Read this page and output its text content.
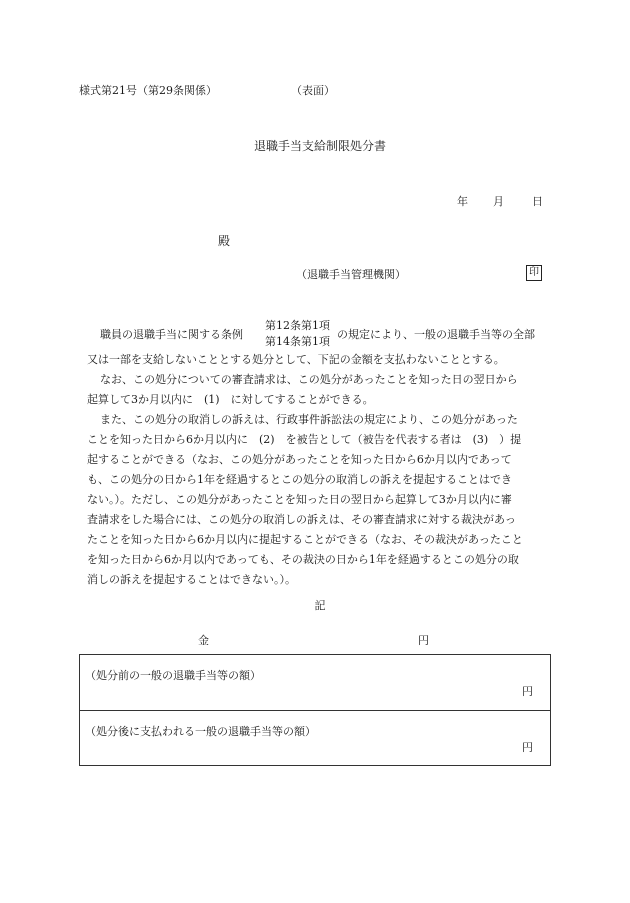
様式第21号（第29条関係）	（表面）
退職手当支給制限処分書
年 月	日
殿
（退職手当管理機関）	印
職員の退職手当に関する条例
第12条第1項
第14条第1項
の規定により、一般の退職手当等の全部
又は一部を支給しないこととする処分として、下記の金額を支払わないこととする。
なお、この処分についての審査請求は、この処分があったことを知った日の翌日から
起算して3か月以内に　(1)　に対してすることができる。
また、この処分の取消しの訴えは、行政事件訴訟法の規定により、この処分があった
ことを知った日から6か月以内に　(2)　を被告として（被告を代表する者は　(3)　）提
起することができる（なお、この処分があったことを知った日から6か月以内であって
も、この処分の日から1年を経過するとこの処分の取消しの訴えを提起することはでき
ない。）。ただし、この処分があったことを知った日の翌日から起算して3か月以内に審
査請求をした場合には、この処分の取消しの訴えは、その審査請求に対する裁決があっ
たことを知った日から6か月以内に提起することができる（なお、その裁決があったこと
を知った日から6か月以内であっても、その裁決の日から1年を経過するとこの処分の取
消しの訴えを提起することはできない。）。
記
金	円
（処分前の一般の退職手当等の額）
円
（処分後に支払われる一般の退職手当等の額）
円
